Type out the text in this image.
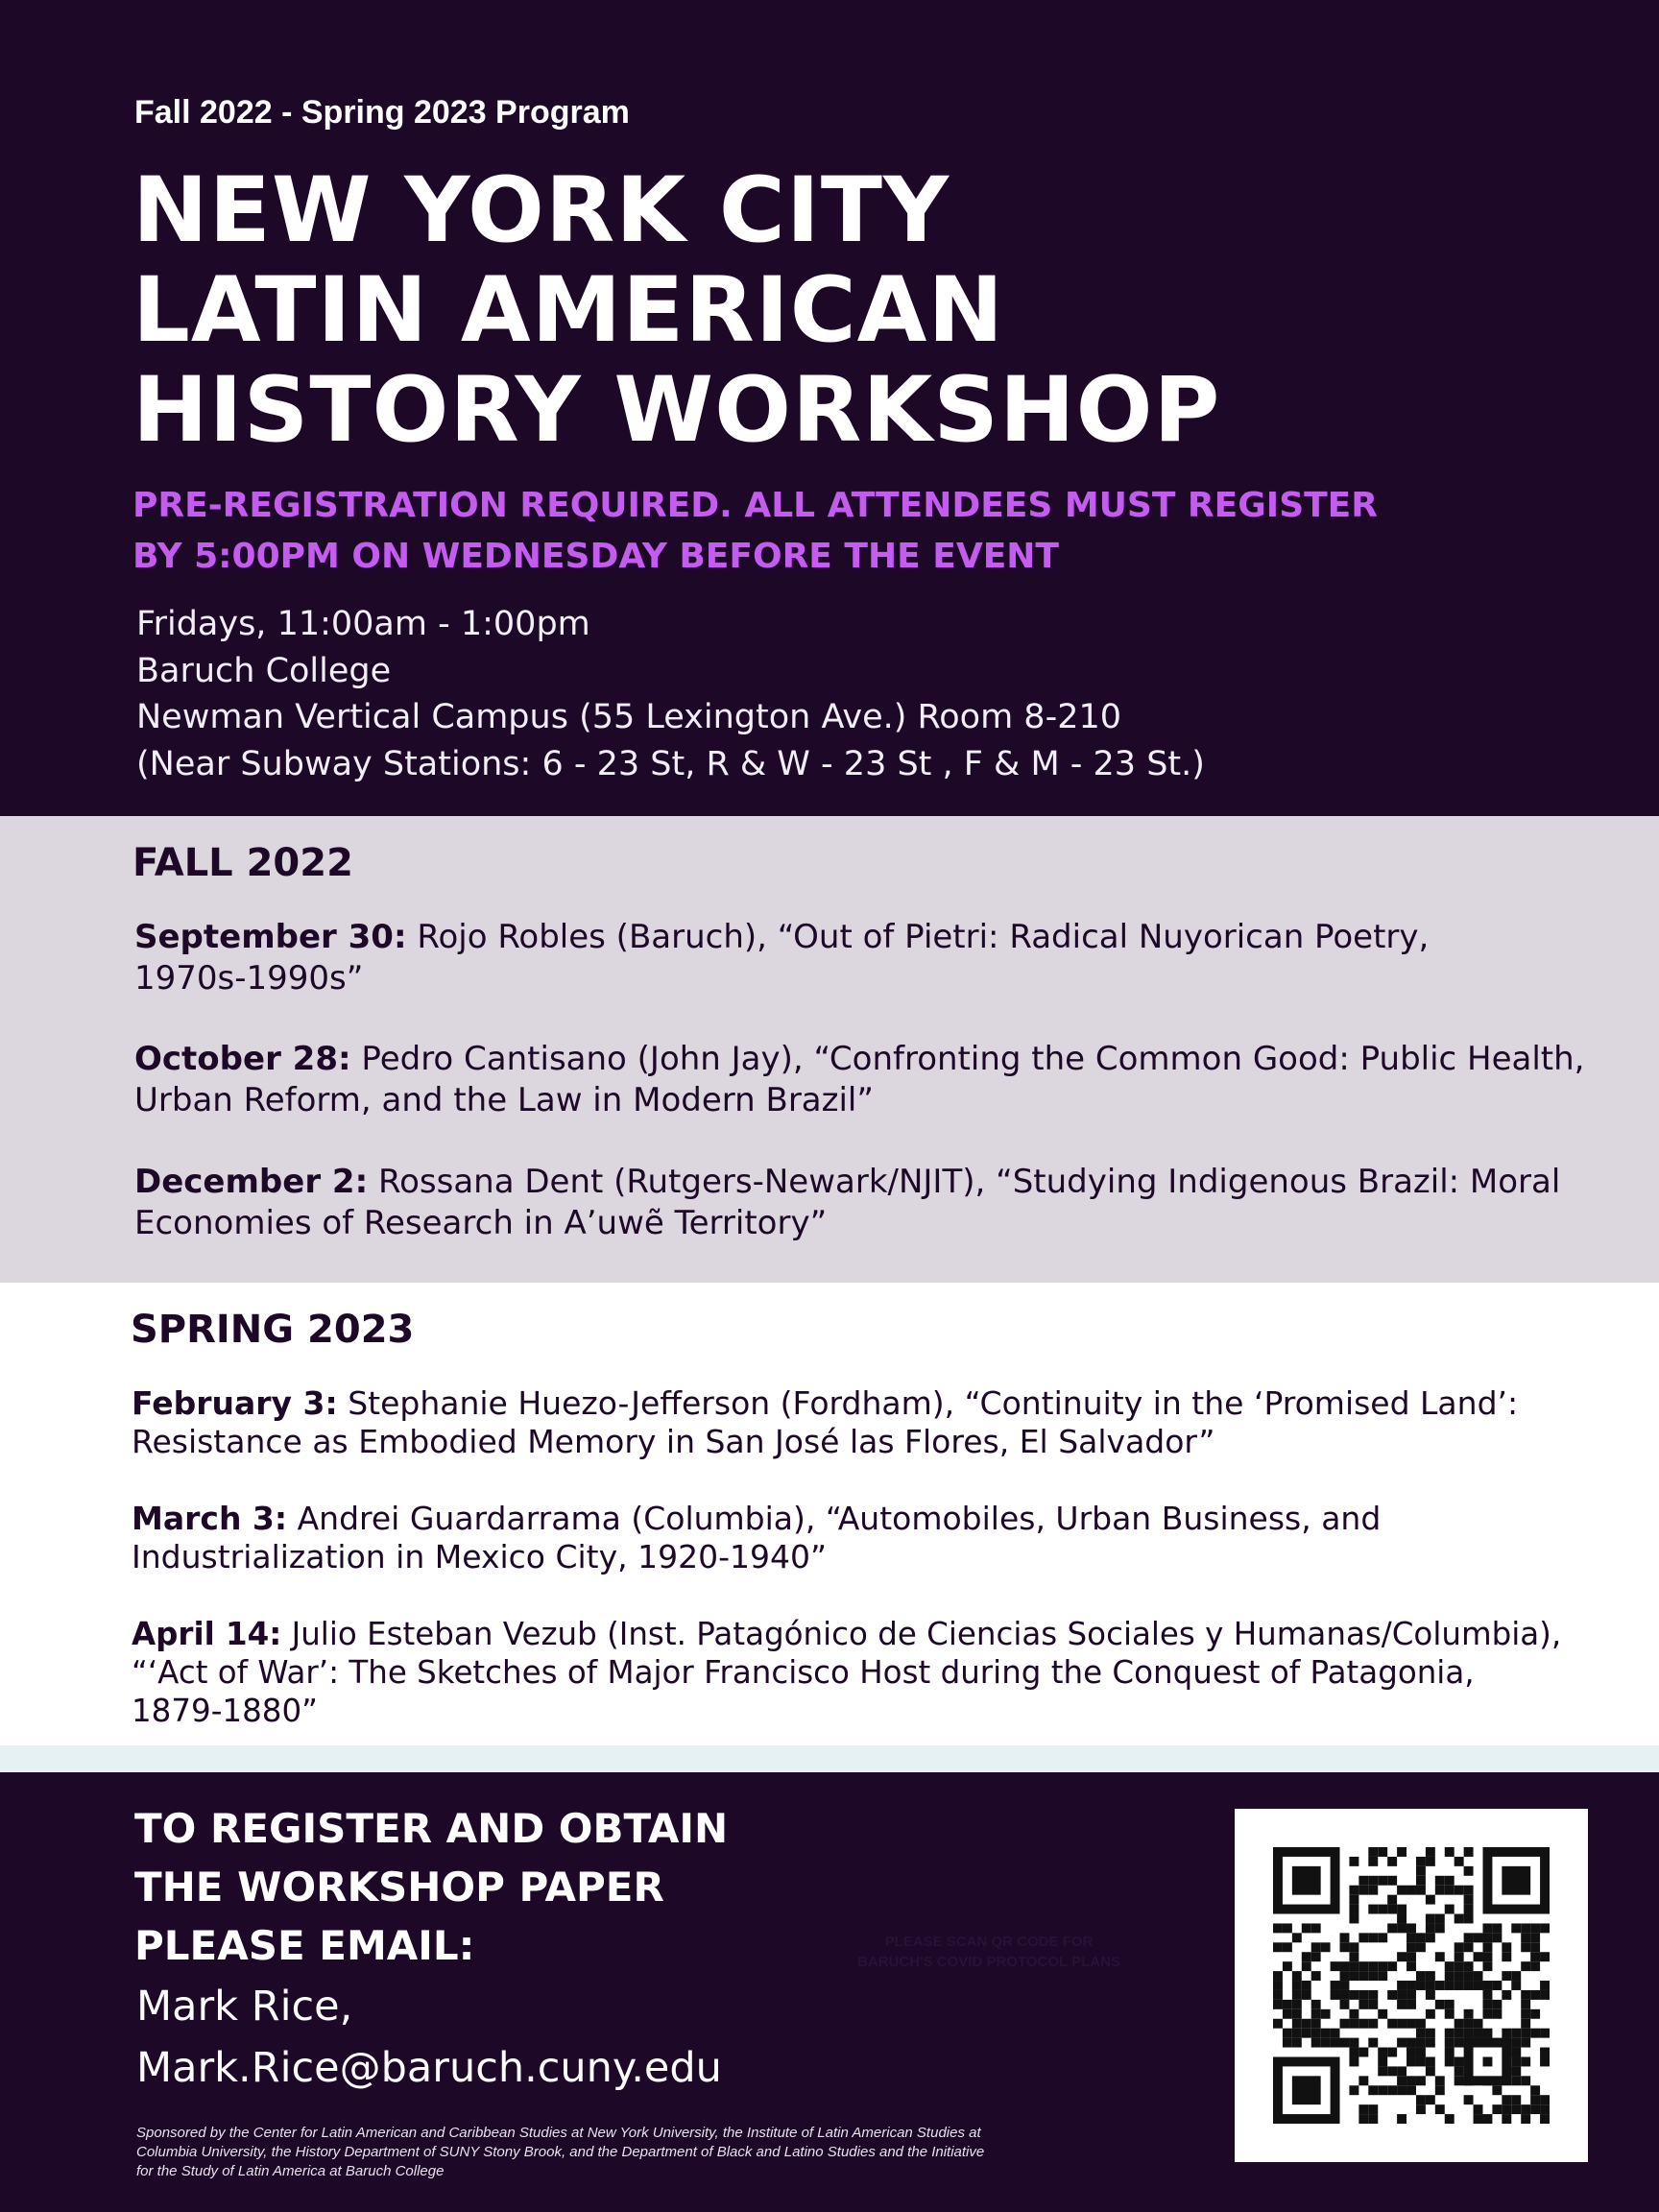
Fall 2022 - Spring 2023 Program
NEW YORK CITY
LATIN AMERICAN
HISTORY WORKSHOP
PRE-REGISTRATION REQUIRED. ALL ATTENDEES MUST REGISTER
BY 5:00PM ON WEDNESDAY BEFORE THE EVENT
Fridays, 11:00am - 1:00pm
Baruch College
Newman Vertical Campus (55 Lexington Ave.) Room 8-210
(Near Subway Stations: 6 - 23 St, R & W - 23 St , F & M - 23 St.)
FALL 2022
September 30: Rojo Robles (Baruch), “Out of Pietri: Radical Nuyorican Poetry,
1970s-1990s”
October 28: Pedro Cantisano (John Jay), “Confronting the Common Good: Public Health,
Urban Reform, and the Law in Modern Brazil”
December 2: Rossana Dent (Rutgers-Newark/NJIT), “Studying Indigenous Brazil: Moral
Economies of Research in A’uwẽ Territory”
SPRING 2023
February 3: Stephanie Huezo-Jefferson (Fordham), “Continuity in the ‘Promised Land’:
Resistance as Embodied Memory in San José las Flores, El Salvador”
March 3: Andrei Guardarrama (Columbia), “Automobiles, Urban Business, and
Industrialization in Mexico City, 1920-1940”
April 14: Julio Esteban Vezub (Inst. Patagónico de Ciencias Sociales y Humanas/Columbia),
“‘Act of War’: The Sketches of Major Francisco Host during the Conquest of Patagonia,
1879-1880”
TO REGISTER AND OBTAIN
THE WORKSHOP PAPER
PLEASE EMAIL:
Mark Rice,
Mark.Rice@baruch.cuny.edu
PLEASE SCAN QR CODE FOR
BARUCH'S COVID PROTOCOL PLANS
Sponsored by the Center for Latin American and Caribbean Studies at New York University, the Institute of Latin American Studies at
Columbia University, the History Department of SUNY Stony Brook, and the Department of Black and Latino Studies and the Initiative
for the Study of Latin America at Baruch College
